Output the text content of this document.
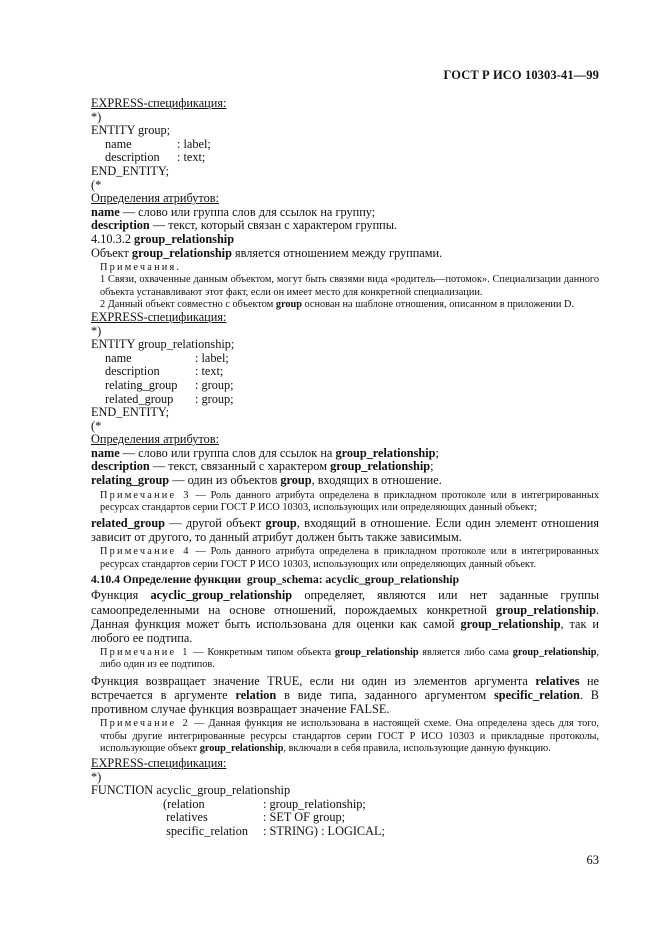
ГОСТ Р ИСО 10303-41—99
EXPRESS-спецификация:
*)
ENTITY group;
name	: label;
description	: text;
END_ENTITY;
(*
Определения атрибутов:
name — слово или группа слов для ссылок на группу;
description — текст, который связан с характером группы.
4.10.3.2 group_relationship
Объект group_relationship является отношением между группами.
Примечания.
1 Связи, охваченные данным объектом, могут быть связями вида «родитель—потомок». Специализации данного объекта устанавливают этот факт, если он имеет место для конкретной специализации.
2 Данный объект совместно с объектом group основан на шаблоне отношения, описанном в приложении D.
EXPRESS-спецификация:
*)
ENTITY group_relationship;
name	: label;
description	: text;
relating_group	: group;
related_group	: group;
END_ENTITY;
(*
Определения атрибутов:
name — слово или группа слов для ссылок на group_relationship;
description — текст, связанный с характером group_relationship;
relating_group — один из объектов group, входящих в отношение.
Примечание 3 — Роль данного атрибута определена в прикладном протоколе или в интегрированных ресурсах стандартов серии ГОСТ Р ИСО 10303, использующих или определяющих данный объект;
related_group — другой объект group, входящий в отношение. Если один элемент отношения зависит от другого, то данный атрибут должен быть также зависимым.
Примечание 4 — Роль данного атрибута определена в прикладном протоколе или в интегрированных ресурсах стандартов серии ГОСТ Р ИСО 10303, использующих или определяющих данный объект.
4.10.4 Определение функции  group_schema: acyclic_group_relationship
Функция acyclic_group_relationship определяет, являются или нет заданные группы самоопределенными на основе отношений, порождаемых конкретной group_relationship. Данная функция может быть использована для оценки как самой group_relationship, так и любого ее подтипа.
Примечание 1 — Конкретным типом объекта group_relationship является либо сама group_relationship, либо один из ее подтипов.
Функция возвращает значение TRUE, если ни один из элементов аргумента relatives не встречается в аргументе relation в виде типа, заданного аргументом specific_relation. В противном случае функция возвращает значение FALSE.
Примечание 2 — Данная функция не использована в настоящей схеме. Она определена здесь для того, чтобы другие интегрированные ресурсы стандартов серии ГОСТ Р ИСО 10303 и прикладные протоколы, использующие объект group_relationship, включали в себя правила, использующие данную функцию.
EXPRESS-спецификация:
*)
FUNCTION acyclic_group_relationship
(relation	: group_relationship;
relatives	: SET OF group;
specific_relation	: STRING) : LOGICAL;
63
